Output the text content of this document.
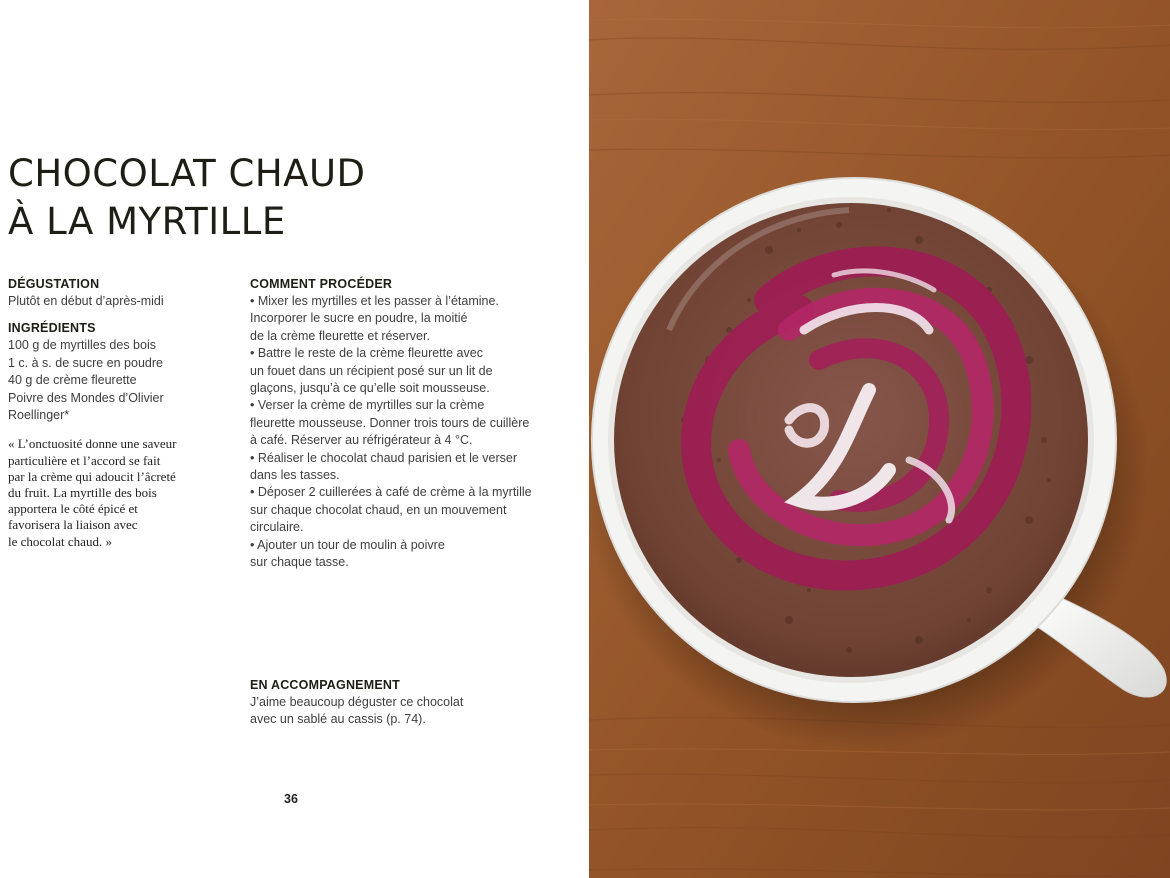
CHOCOLAT CHAUD
À LA MYRTILLE

DÉGUSTATION

Plutôt en début d’après-midi

INGRÉDIENTS

100 g de myrtilles des bois

1 c. à s. de sucre en poudre

40 g de crème fleurette

Poivre des Mondes d’Olivier

Roellinger*

« L’onctuosité donne une saveur

particulière et l’accord se fait

par la crème qui adoucit l’âcreté

du fruit. La myrtille des bois

apportera le côté épicé et

favorisera la liaison avec

le chocolat chaud. »

COMMENT PROCÉDER

• Mixer les myrtilles et les passer à l’étamine.

Incorporer le sucre en poudre, la moitié

de la crème fleurette et réserver.

• Battre le reste de la crème fleurette avec

un fouet dans un récipient posé sur un lit de

glaçons, jusqu’à ce qu’elle soit mousseuse.

• Verser la crème de myrtilles sur la crème

fleurette mousseuse. Donner trois tours de cuillère

à café. Réserver au réfrigérateur à 4 °C.

• Réaliser le chocolat chaud parisien et le verser

dans les tasses.

• Déposer 2 cuillerées à café de crème à la myrtille

sur chaque chocolat chaud, en un mouvement

circulaire.

• Ajouter un tour de moulin à poivre

sur chaque tasse.

EN ACCOMPAGNEMENT

J’aime beaucoup déguster ce chocolat

avec un sablé au cassis (p. 74).

36
